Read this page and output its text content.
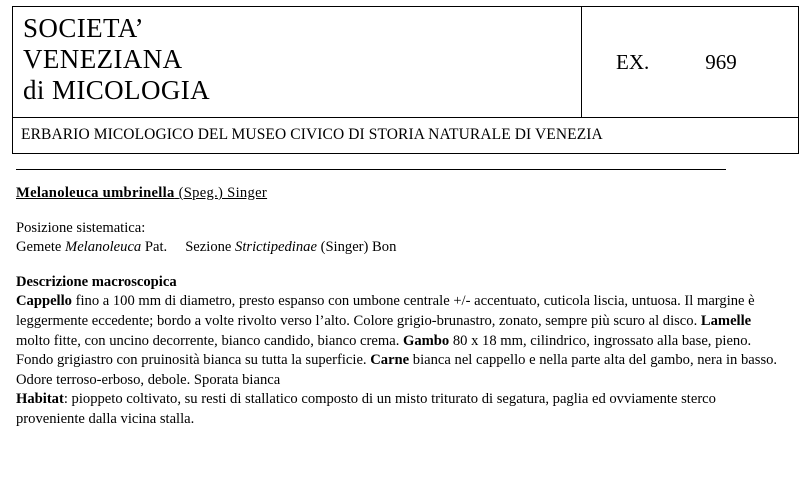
SOCIETA’
VENEZIANA
di MICOLOGIA

EX.	969

ERBARIO MICOLOGICO DEL MUSEO CIVICO DI STORIA NATURALE DI VENEZIA
Melanoleuca umbrinella (Speg.) Singer
Posizione sistematica:
Gemete Melanoleuca Pat. Sezione Strictipedinae (Singer) Bon
Descrizione macroscopica
Cappello fino a 100 mm di diametro, presto espanso con umbone centrale +/- accentuato, cuticola liscia, untuosa. Il margine è leggermente eccedente; bordo a volte rivolto verso l’alto. Colore grigio-brunastro, zonato, sempre più scuro al disco. Lamelle molto fitte, con uncino decorrente, bianco candido, bianco crema. Gambo 80 x 18 mm, cilindrico, ingrossato alla base, pieno. Fondo grigiastro con pruinosità bianca su tutta la superficie. Carne bianca nel cappello e nella parte alta del gambo, nera in basso. Odore terroso-erboso, debole. Sporata bianca
Habitat: pioppeto coltivato, su resti di stallatico composto di un misto triturato di segatura, paglia ed ovviamente sterco proveniente dalla vicina stalla.
